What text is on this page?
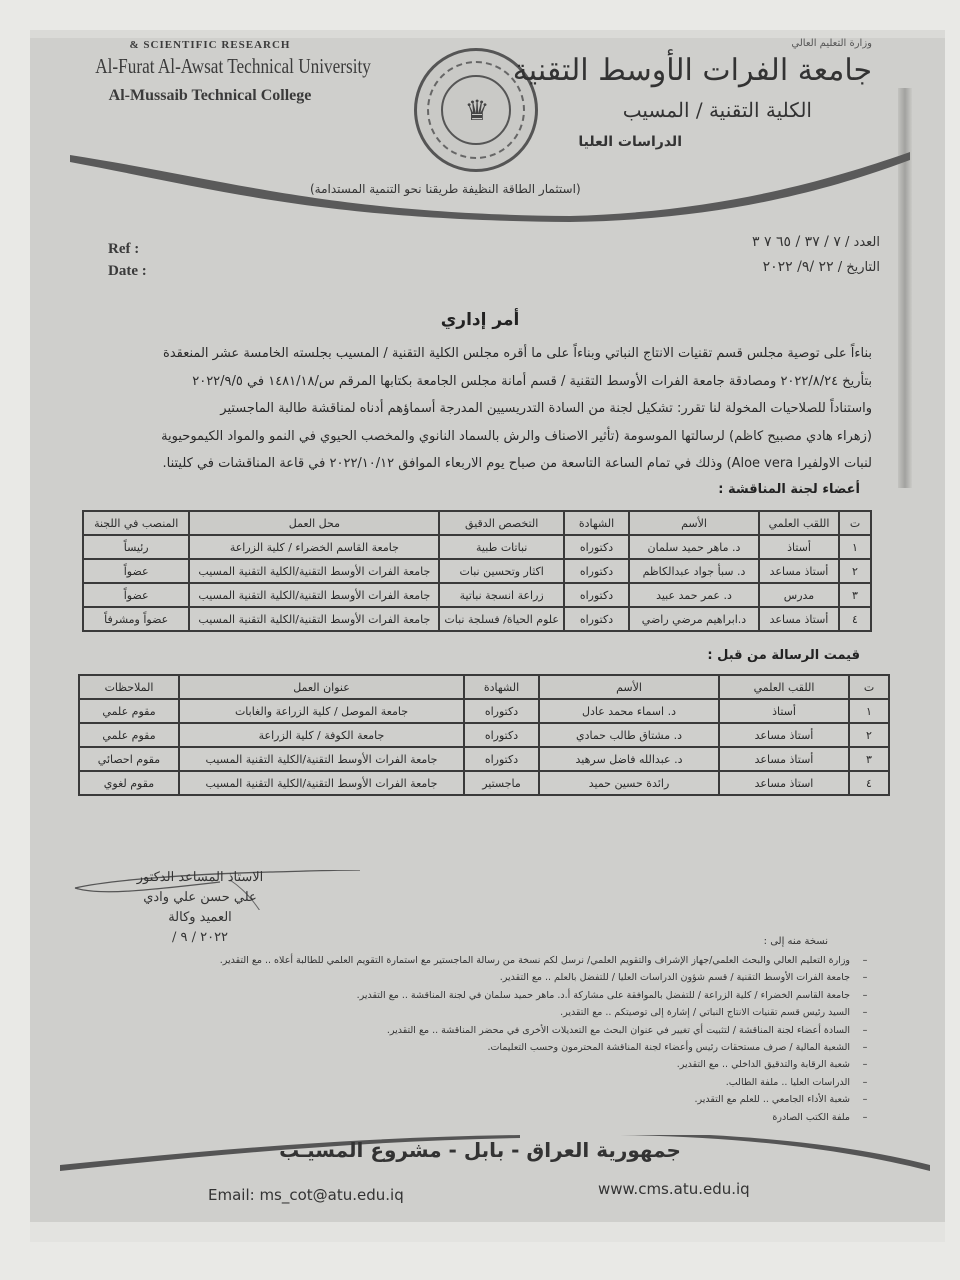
& SCIENTIFIC RESEARCH
Al-Furat Al-Awsat Technical University
Al-Mussaib Technical College	♛
وزارة التعليم العالي
جامعة الفرات الأوسط التقنية
الكلية التقنية / المسيب
الدراسات العليا
(استثمار الطاقة النظيفة طريقنا نحو التنمية المستدامة)
Ref :
Date :
العدد / ٧ / ٣٧ / ٦٥ ٧ ٣
التاريخ / ٢٢ /٩/ ٢٠٢٢
أمر إداري

بناءاً على توصية مجلس قسم تقنيات الانتاج النباتي وبناءاً على ما أقره مجلس الكلية التقنية / المسيب بجلسته الخامسة عشر المنعقدة

بتأريخ ٢٠٢٢/٨/٢٤ ومصادقة جامعة الفرات الأوسط التقنية / قسم أمانة مجلس الجامعة بكتابها المرقم س/١٤٨١/١٨ في ٢٠٢٢/٩/٥

واستناداً للصلاحيات المخولة لنا تقرر: تشكيل لجنة من السادة التدريسيين المدرجة أسماؤهم أدناه لمناقشة طالبة الماجستير

(زهراء هادي مصبيح كاظم) لرسالتها الموسومة (تأثير الاصناف والرش بالسماد النانوي والمخصب الحيوي في النمو والمواد الكيموحيوية

لنبات الاولفيرا Aloe vera) وذلك في تمام الساعة التاسعة من صباح يوم الاربعاء الموافق ٢٠٢٢/١٠/١٢ في قاعة المناقشات في كليتنا.

أعضاء لجنة المناقشة :
ت	اللقب العلمي	الأسم	الشهادة	التخصص الدقيق	محل العمل	المنصب في اللجنة
١	أستاذ	د. ماهر حميد سلمان	دكتوراه	نباتات طبية	جامعة القاسم الخضراء / كلية الزراعة	رئيساً
٢	أستاذ مساعد	د. سبأ جواد عبدالكاظم	دكتوراه	اكثار وتحسين نبات	جامعة الفرات الأوسط التقنية/الكلية التقنية المسيب	عضواً
٣	مدرس	د. عمر حمد عبيد	دكتوراه	زراعة انسجة نباتية	جامعة الفرات الأوسط التقنية/الكلية التقنية المسيب	عضواً
٤	أستاذ مساعد	د.ابراهيم مرضي راضي	دكتوراه	علوم الحياة/ فسلجة نبات	جامعة الفرات الأوسط التقنية/الكلية التقنية المسيب	عضواً ومشرفاً
قيمت الرسالة من قبل :
ت	اللقب العلمي	الأسم	الشهادة	عنوان العمل	الملاحظات
١	أستاذ	د. اسماء محمد عادل	دكتوراه	جامعة الموصل / كلية الزراعة والغابات	مقوم علمي
٢	أستاذ مساعد	د. مشتاق طالب حمادي	دكتوراه	جامعة الكوفة / كلية الزراعة	مقوم علمي
٣	أستاذ مساعد	د. عبدالله فاضل سرهيد	دكتوراه	جامعة الفرات الأوسط التقنية/الكلية التقنية المسيب	مقوم احصائي
٤	استاذ مساعد	رائدة حسين حميد	ماجستير	جامعة الفرات الأوسط التقنية/الكلية التقنية المسيب	مقوم لغوي
الاستاذ المساعد الدكتور
علي حسن علي وادي
العميد وكالة
٢٠٢٢ / ٩ /	نسخة منه إلى :
–وزارة التعليم العالي والبحث العلمي/جهاز الإشراف والتقويم العلمي/ نرسل لكم نسخة من رسالة الماجستير مع استمارة التقويم العلمي للطالبة أعلاه .. مع التقدير.
–جامعة الفرات الأوسط التقنية / قسم شؤون الدراسات العليا / للتفضل بالعلم .. مع التقدير.
–جامعة القاسم الخضراء / كلية الزراعة / للتفضل بالموافقة على مشاركة أ.د. ماهر حميد سلمان في لجنة المناقشة .. مع التقدير.
–السيد رئيس قسم تقنيات الانتاج النباتي / إشارة إلى توصيتكم .. مع التقدير.
–السادة أعضاء لجنة المناقشة / لتثبيت أي تغيير في عنوان البحث مع التعديلات الأخرى في محضر المناقشة .. مع التقدير.
–الشعبة المالية / صرف مستحقات رئيس وأعضاء لجنة المناقشة المحترمون وحسب التعليمات.
–شعبة الرقابة والتدقيق الداخلي .. مع التقدير.
–الدراسات العليا .. ملفة الطالب.
–شعبة الأداء الجامعي .. للعلم مع التقدير.
–ملفة الكتب الصادرة
جمهورية العراق - بابل - مشروع المسيـب
Email: ms_cot@atu.edu.iq	www.cms.atu.edu.iq
